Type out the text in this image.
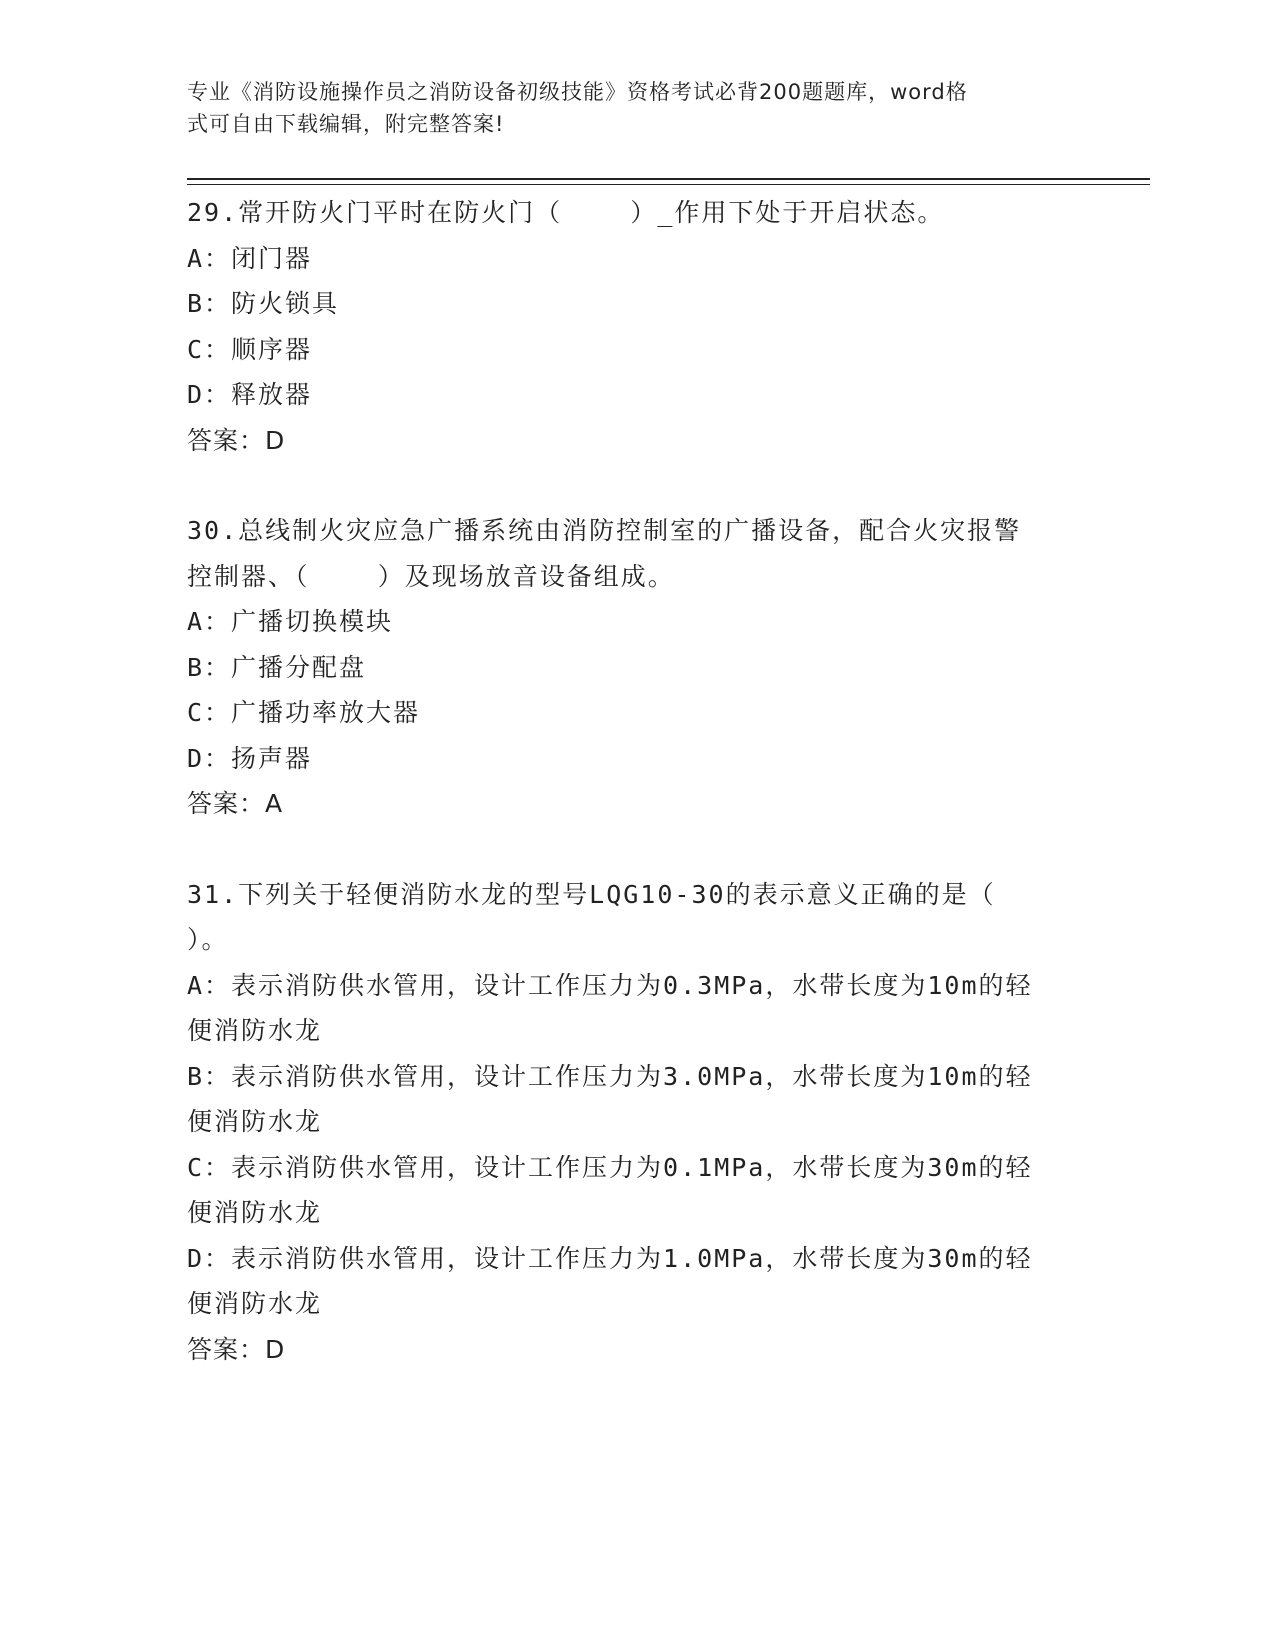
专业《消防设施操作员之消防设备初级技能》资格考试必背200题题库，word格
式可自由下载编辑，附完整答案!
29.常开防火门平时在防火门（    ）_作用下处于开启状态。
A：闭门器
B：防火锁具
C：顺序器
D：释放器
答案：D
30.总线制火灾应急广播系统由消防控制室的广播设备，配合火灾报警
控制器、（    ）及现场放音设备组成。
A：广播切换模块
B：广播分配盘
C：广播功率放大器
D：扬声器
答案：A
31.下列关于轻便消防水龙的型号LQG10-30的表示意义正确的是（
）。
A：表示消防供水管用，设计工作压力为0.3MPa，水带长度为10m的轻
便消防水龙
B：表示消防供水管用，设计工作压力为3.0MPa，水带长度为10m的轻
便消防水龙
C：表示消防供水管用，设计工作压力为0.1MPa，水带长度为30m的轻
便消防水龙
D：表示消防供水管用，设计工作压力为1.0MPa，水带长度为30m的轻
便消防水龙
答案：D
